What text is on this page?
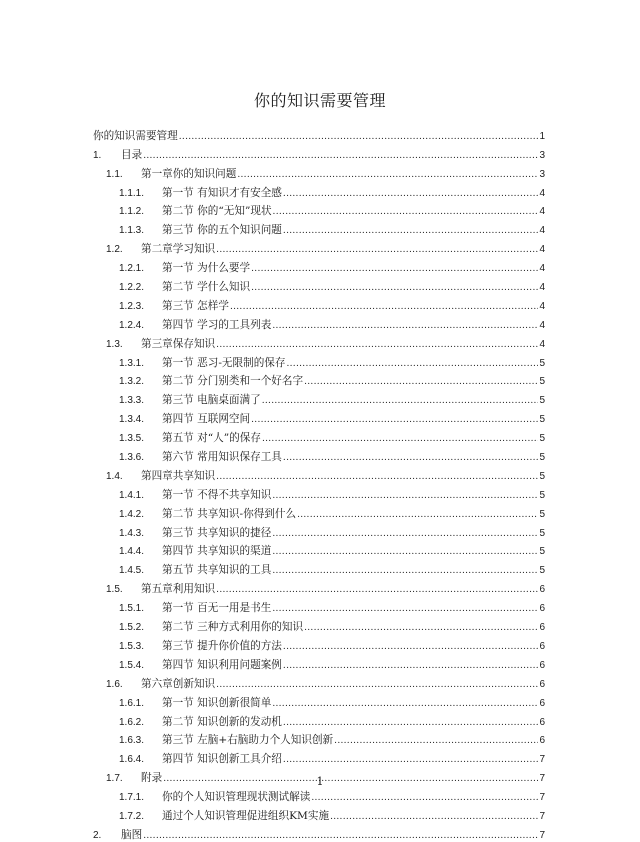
你的知识需要管理
你的知识需要管理 .....	1
1.	目录 .....	3
1.1.	第一章你的知识问题 .....	3
1.1.1.	第一节 有知识才有安全感 .....	4
1.1.2.	第二节 你的“无知”现状 .....	4
1.1.3.	第三节 你的五个知识问题 .....	4
1.2.	第二章学习知识 .....	4
1.2.1.	第一节 为什么要学 .....	4
1.2.2.	第二节 学什么知识 .....	4
1.2.3.	第三节 怎样学 .....	4
1.2.4.	第四节 学习的工具列表 .....	4
1.3.	第三章保存知识 .....	4
1.3.1.	第一节 恶习-无限制的保存 .....	5
1.3.2.	第二节 分门别类和一个好名字 .....	5
1.3.3.	第三节 电脑桌面满了 .....	5
1.3.4.	第四节 互联网空间 .....	5
1.3.5.	第五节 对“人”的保存 .....	5
1.3.6.	第六节 常用知识保存工具 .....	5
1.4.	第四章共享知识 .....	5
1.4.1.	第一节 不得不共享知识 .....	5
1.4.2.	第二节 共享知识-你得到什么 .....	5
1.4.3.	第三节 共享知识的捷径 .....	5
1.4.4.	第四节 共享知识的渠道 .....	5
1.4.5.	第五节 共享知识的工具 .....	5
1.5.	第五章利用知识 .....	6
1.5.1.	第一节 百无一用是书生 .....	6
1.5.2.	第二节 三种方式利用你的知识 .....	6
1.5.3.	第三节 提升你价值的方法 .....	6
1.5.4.	第四节 知识利用问题案例 .....	6
1.6.	第六章创新知识 .....	6
1.6.1.	第一节 知识创新很简单 .....	6
1.6.2.	第二节 知识创新的发动机 .....	6
1.6.3.	第三节 左脑+右脑助力个人知识创新 .....	6
1.6.4.	第四节 知识创新工具介绍 .....	7
1.7.	附录 .....	7
1.7.1.	你的个人知识管理现状测试解读 .....	7
1.7.2.	通过个人知识管理促进组织KM实施 .....	7
2.	脑图 .....	7
1
